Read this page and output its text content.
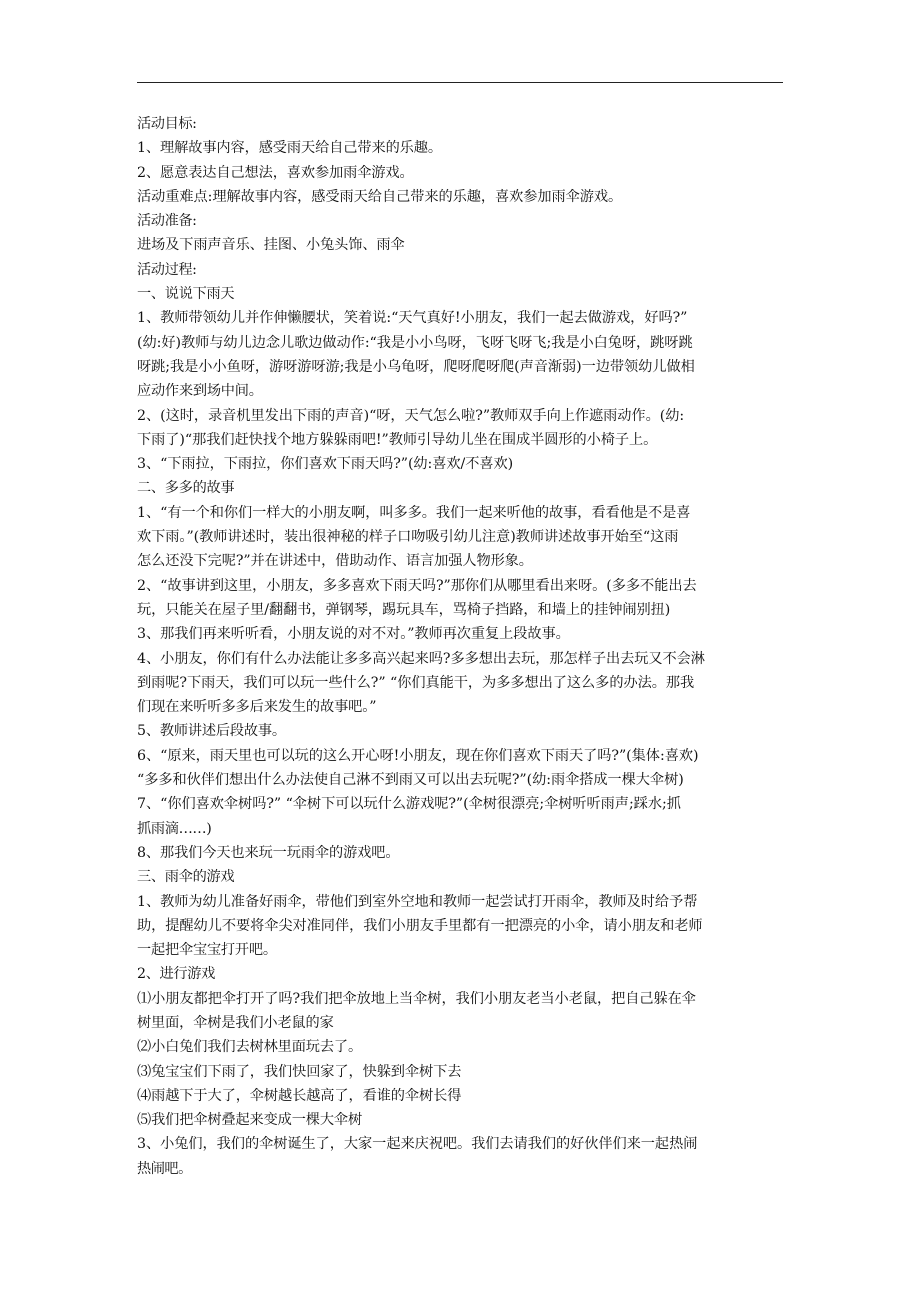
活动目标:
1、理解故事内容，感受雨天给自己带来的乐趣。
2、愿意表达自己想法，喜欢参加雨伞游戏。
活动重难点:理解故事内容，感受雨天给自己带来的乐趣，喜欢参加雨伞游戏。
活动准备:
进场及下雨声音乐、挂图、小兔头饰、雨伞
活动过程:
一、说说下雨天
1、教师带领幼儿并作伸懒腰状，笑着说:“天气真好!小朋友，我们一起去做游戏，好吗?”
(幼:好)教师与幼儿边念儿歌边做动作:“我是小小鸟呀，飞呀飞呀飞;我是小白兔呀，跳呀跳
呀跳;我是小小鱼呀，游呀游呀游;我是小乌龟呀，爬呀爬呀爬(声音渐弱)一边带领幼儿做相
应动作来到场中间。
2、(这时，录音机里发出下雨的声音)“呀，天气怎么啦?”教师双手向上作遮雨动作。(幼:
下雨了)“那我们赶快找个地方躲躲雨吧!”教师引导幼儿坐在围成半圆形的小椅子上。
3、“下雨拉，下雨拉，你们喜欢下雨天吗?”(幼:喜欢/不喜欢)
二、多多的故事
1、“有一个和你们一样大的小朋友啊，叫多多。我们一起来听他的故事，看看他是不是喜
欢下雨。”(教师讲述时，装出很神秘的样子口吻吸引幼儿注意)教师讲述故事开始至“这雨
怎么还没下完呢?”并在讲述中，借助动作、语言加强人物形象。
2、“故事讲到这里，小朋友，多多喜欢下雨天吗?”那你们从哪里看出来呀。(多多不能出去
玩，只能关在屋子里/翻翻书，弹钢琴，踢玩具车，骂椅子挡路，和墙上的挂钟闹别扭)
3、那我们再来听听看，小朋友说的对不对。”教师再次重复上段故事。
4、小朋友，你们有什么办法能让多多高兴起来吗?多多想出去玩，那怎样子出去玩又不会淋
到雨呢?下雨天，我们可以玩一些什么?” “你们真能干，为多多想出了这么多的办法。那我
们现在来听听多多后来发生的故事吧。”
5、教师讲述后段故事。
6、“原来，雨天里也可以玩的这么开心呀!小朋友，现在你们喜欢下雨天了吗?”(集体:喜欢)
“多多和伙伴们想出什么办法使自己淋不到雨又可以出去玩呢?”(幼:雨伞搭成一棵大伞树)
7、“你们喜欢伞树吗?” “伞树下可以玩什么游戏呢?”(伞树很漂亮;伞树听听雨声;踩水;抓
抓雨滴……)
8、那我们今天也来玩一玩雨伞的游戏吧。
三、雨伞的游戏
1、教师为幼儿准备好雨伞，带他们到室外空地和教师一起尝试打开雨伞，教师及时给予帮
助，提醒幼儿不要将伞尖对准同伴，我们小朋友手里都有一把漂亮的小伞，请小朋友和老师
一起把伞宝宝打开吧。
2、进行游戏
⑴小朋友都把伞打开了吗?我们把伞放地上当伞树，我们小朋友老当小老鼠，把自己躲在伞
树里面，伞树是我们小老鼠的家
⑵小白兔们我们去树林里面玩去了。
⑶兔宝宝们下雨了，我们快回家了，快躲到伞树下去
⑷雨越下于大了，伞树越长越高了，看谁的伞树长得
⑸我们把伞树叠起来变成一棵大伞树
3、小兔们，我们的伞树诞生了，大家一起来庆祝吧。我们去请我们的好伙伴们来一起热闹
热闹吧。
